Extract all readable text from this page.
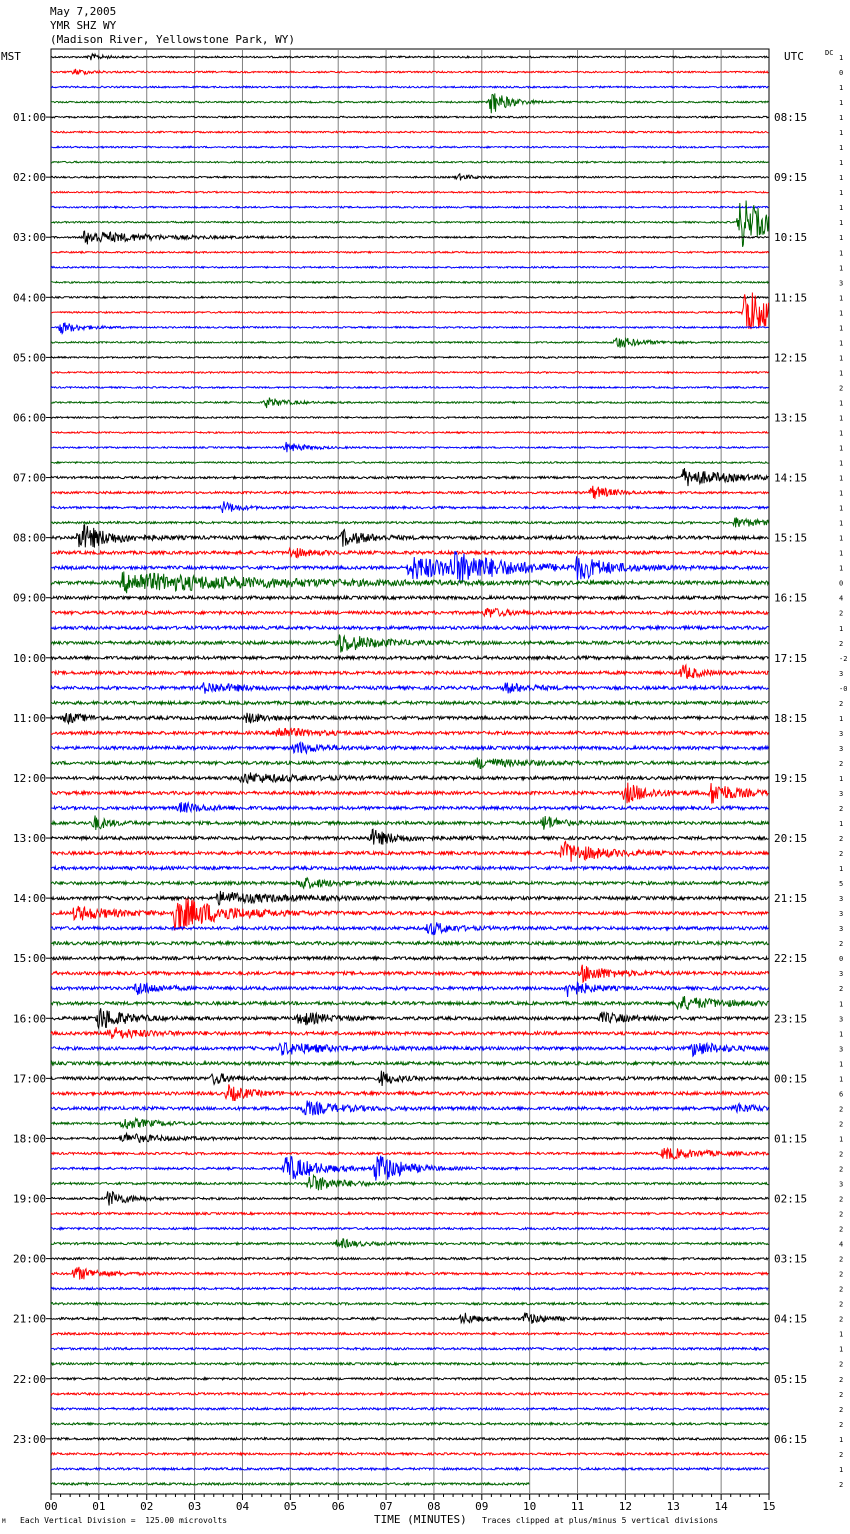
May 7,2005
YMR SHZ WY
(Madison River, Yellowstone Park, WY)
MST	UTC	DC
00	01	02	03	04	05	06	07	08	09	10	11	12	13	14	15
01:00
02:00
03:00
04:00
05:00
06:00
07:00
08:00
09:00
10:00
11:00
12:00
13:00
14:00
15:00
16:00
17:00
18:00
19:00
20:00
21:00
22:00
23:00
08:15
09:15
10:15
11:15
12:15
13:15
14:15
15:15
16:15
17:15
18:15
19:15
20:15
21:15
22:15
23:15
00:15
01:15
02:15
03:15
04:15
05:15
06:15
1
0
1
1
1
1
1
1
1
1
1
1
1
1
1
3
1
1
1
1
1
1
2
1
1
1
1
1
1
1
1
1
1
1
1
0
4
2
1
2
-2
3
-0
2
1
3
3
2
1
3
2
1
2
2
1
5
3
3
3
2
0
3
2
1
3
1
3
1
1
6
2
2
1
2
2
3
2
2
2
4
2
2
2
2
2
1
1
2
2
2
2
2
1
2
1
2
M Each Vertical Division =  125.00 microvolts	TIME (MINUTES) Traces clipped at plus/minus 5 vertical divisions
